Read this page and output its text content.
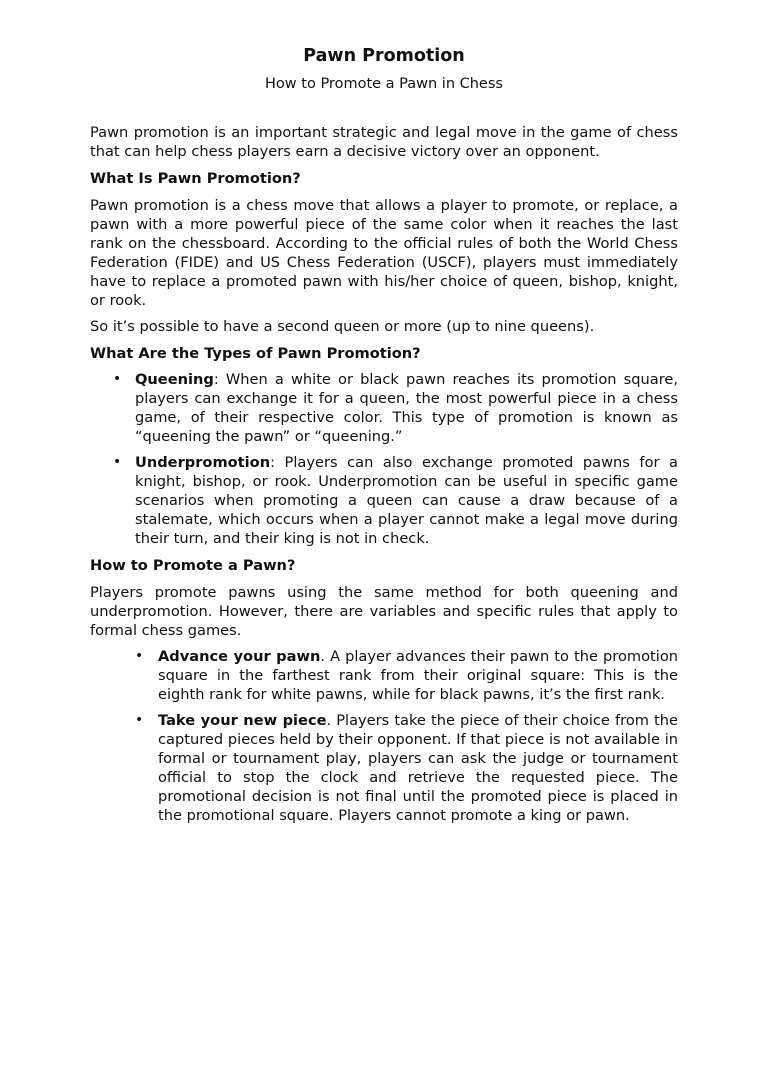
Pawn Promotion
How to Promote a Pawn in Chess

Pawn promotion is an important strategic and legal move in the game of chess that can help chess players earn a decisive victory over an opponent.

What Is Pawn Promotion?

Pawn promotion is a chess move that allows a player to promote, or replace, a pawn with a more powerful piece of the same color when it reaches the last rank on the chessboard. According to the official rules of both the World Chess Federation (FIDE) and US Chess Federation (USCF), players must immediately have to replace a promoted pawn with his/her choice of queen, bishop, knight, or rook.

So it’s possible to have a second queen or more (up to nine queens).

What Are the Types of Pawn Promotion?
• Queening: When a white or black pawn reaches its promotion square, players can exchange it for a queen, the most powerful piece in a chess game, of their respective color. This type of promotion is known as “queening the pawn” or “queening.”
• Underpromotion: Players can also exchange promoted pawns for a knight, bishop, or rook. Underpromotion can be useful in specific game scenarios when promoting a queen can cause a draw because of a stalemate, which occurs when a player cannot make a legal move during their turn, and their king is not in check.
How to Promote a Pawn?

Players promote pawns using the same method for both queening and underpromotion. However, there are variables and specific rules that apply to formal chess games.

• Advance your pawn. A player advances their pawn to the promotion square in the farthest rank from their original square: This is the eighth rank for white pawns, while for black pawns, it’s the first rank.
• Take your new piece. Players take the piece of their choice from the captured pieces held by their opponent. If that piece is not available in formal or tournament play, players can ask the judge or tournament official to stop the clock and retrieve the requested piece. The promotional decision is not final until the promoted piece is placed in the promotional square. Players cannot promote a king or pawn.
